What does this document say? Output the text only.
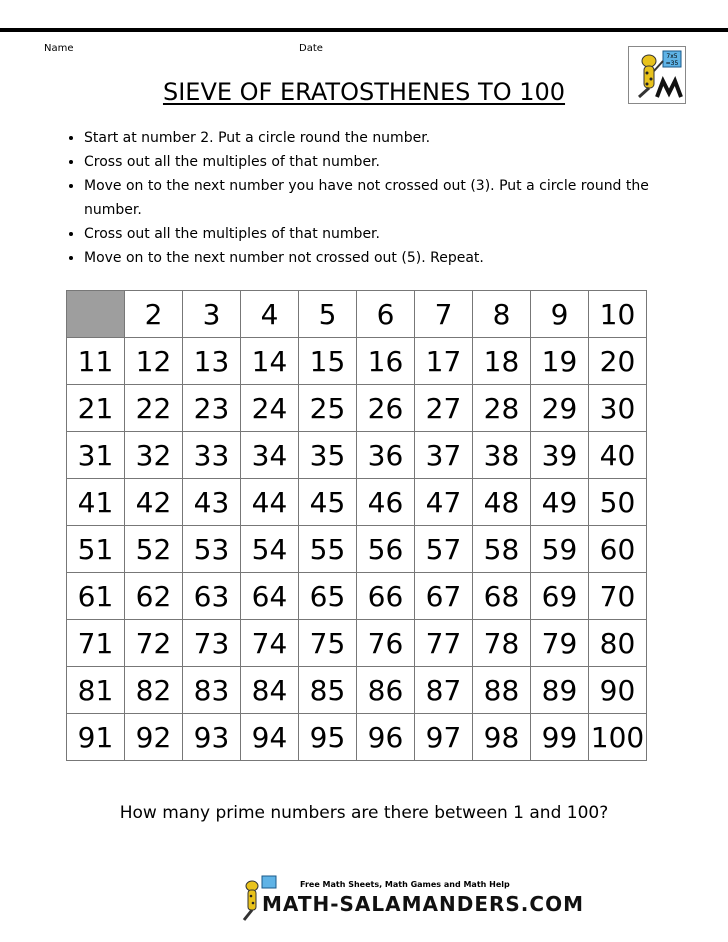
Name	Date
7x5
=35
SIEVE OF ERATOSTHENES TO 100
• Start at number 2. Put a circle round the number.
• Cross out all the multiples of that number.
• Move on to the next number you have not crossed out (3). Put a circle round the number.
• Cross out all the multiples of that number.
• Move on to the next number not crossed out (5). Repeat.
	2	3	4	5	6	7	8	9	10
11	12	13	14	15	16	17	18	19	20
21	22	23	24	25	26	27	28	29	30
31	32	33	34	35	36	37	38	39	40
41	42	43	44	45	46	47	48	49	50
51	52	53	54	55	56	57	58	59	60
61	62	63	64	65	66	67	68	69	70
71	72	73	74	75	76	77	78	79	80
81	82	83	84	85	86	87	88	89	90
91	92	93	94	95	96	97	98	99	100
How many prime numbers are there between 1 and 100?
Free Math Sheets, Math Games and Math Help
MATH-SALAMANDERS.COM
